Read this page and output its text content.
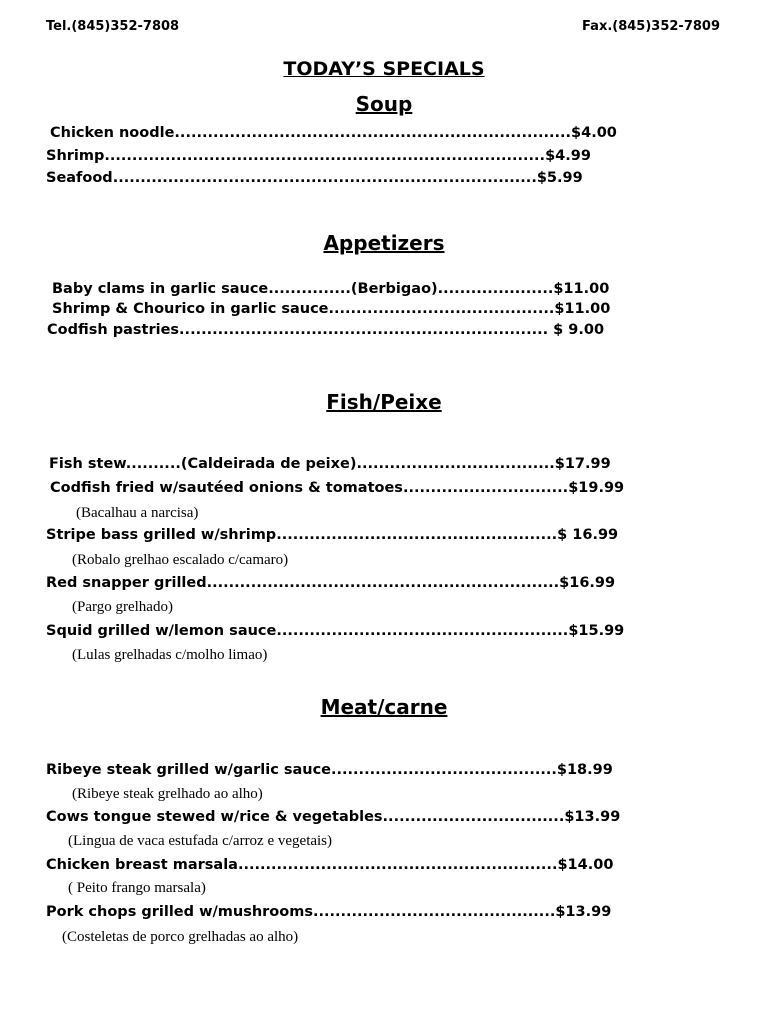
Tel.(845)352-7808	Fax.(845)352-7809
TODAY’S SPECIALS
Soup
Chicken noodle........................................................................$4.00
Shrimp................................................................................$4.99
Seafood.............................................................................$5.99
Appetizers
Baby clams in garlic sauce...............(Berbigao).....................$11.00
Shrimp & Chourico in garlic sauce.........................................$11.00
Codfish pastries................................................................... $ 9.00
Fish/Peixe
Fish stew..........(Caldeirada de peixe)....................................$17.99
Codfish fried w/sautéed onions & tomatoes..............................$19.99
(Bacalhau a narcisa)
Stripe bass grilled w/shrimp...................................................$ 16.99
(Robalo grelhao escalado c/camaro)
Red snapper grilled................................................................$16.99
(Pargo grelhado)
Squid grilled w/lemon sauce.....................................................$15.99
(Lulas grelhadas c/molho limao)
Meat/carne
Ribeye steak grilled w/garlic sauce.........................................$18.99
(Ribeye steak grelhado ao alho)
Cows tongue stewed w/rice & vegetables.................................$13.99
(Lingua de vaca estufada c/arroz e vegetais)
Chicken breast marsala..........................................................$14.00
( Peito frango marsala)
Pork chops grilled w/mushrooms............................................$13.99
(Costeletas de porco grelhadas ao alho)
